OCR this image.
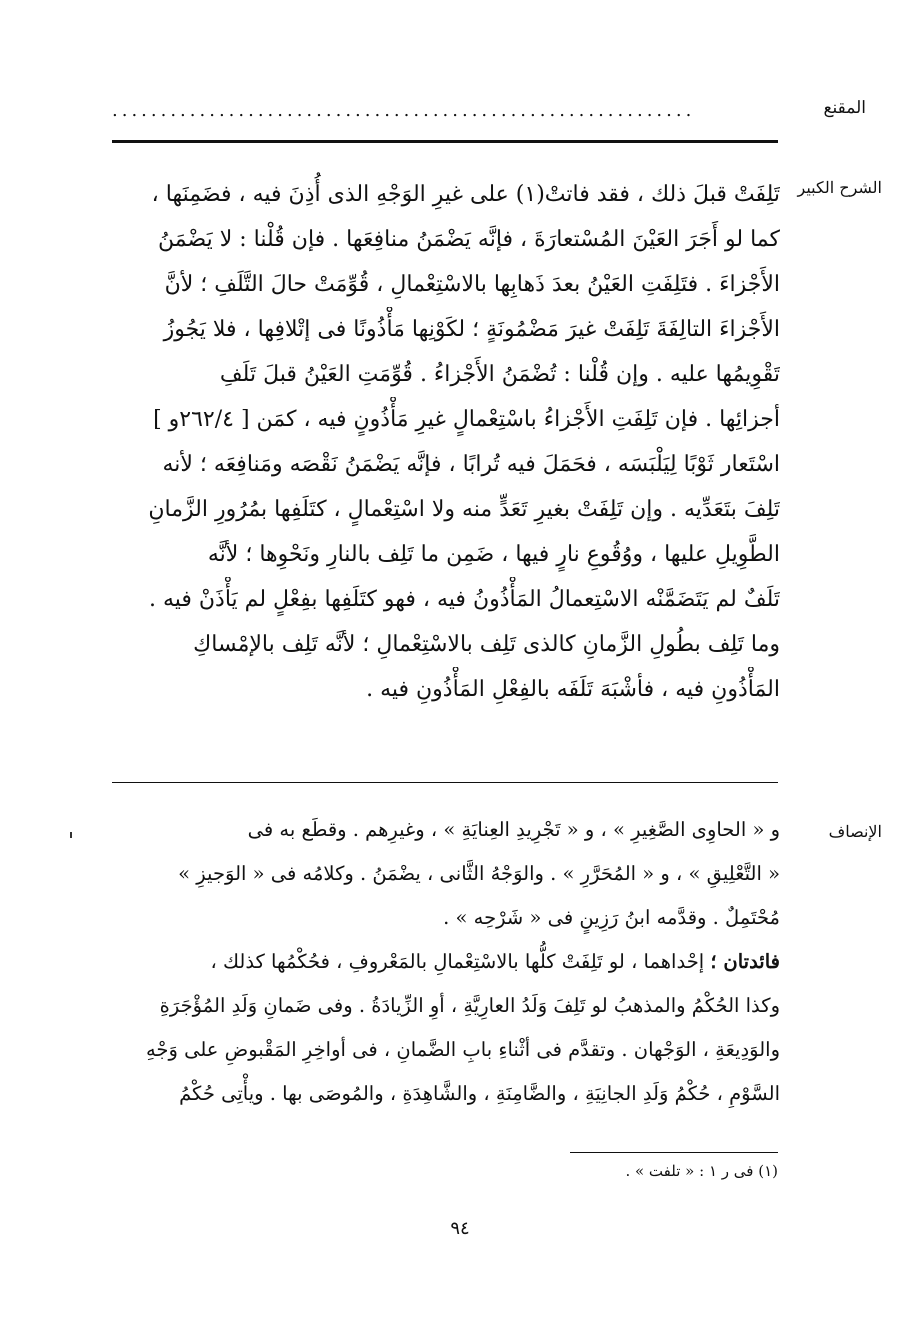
المقنع
............................................................
الشرح الكبير
تَلِفَتْ قبلَ ذلك ، فقد فاتتْ(١) على غيرِ الوَجْهِ الذى أُذِنَ فيه ، فضَمِنَها ،
كما لو أَجَرَ العَيْنَ المُسْتعارَةَ ، فإنَّه يَضْمَنُ منافِعَها . فإن قُلْنا : لا يَضْمَنُ
الأَجْزاءَ . فتَلِفَتِ العَيْنُ بعدَ ذَهابِها بالاسْتِعْمالِ ، قُوِّمَتْ حالَ التَّلَفِ ؛ لأنَّ
الأَجْزاءَ التالِفَةَ تَلِفَتْ غيرَ مَضْمُونَةٍ ؛ لكَوْنِها مَأْذُونًا فى إتْلافِها ، فلا يَجُوزُ
تَقْوِيمُها عليه . وإن قُلْنا : تُضْمَنُ الأَجْزاءُ . قُوِّمَتِ العَيْنُ قبلَ تَلَفِ
أجزائِها . فإن تَلِفَتِ الأَجْزاءُ باسْتِعْمالٍ غيرِ مَأْذُونٍ فيه ، كمَن [ ٢٦٢/٤و ]
اسْتَعار ثَوْبًا لِيَلْبَسَه ، فحَمَلَ فيه تُرابًا ، فإنَّه يَضْمَنُ نَقْصَه ومَنافِعَه ؛ لأنه
تَلِفَ بتَعَدِّيه . وإن تَلِفَتْ بغيرِ تَعَدٍّ منه ولا اسْتِعْمالٍ ، كتَلَفِها بمُرُورِ الزَّمانِ
الطَّوِيلِ عليها ، ووُقُوعِ نارٍ فيها ، ضَمِن ما تَلِف بالنارِ ونَحْوِها ؛ لأنَّه
تَلَفٌ لم يَتَضَمَّنْه الاسْتِعمالُ المَأْذُونُ فيه ، فهو كتَلَفِها بفِعْلٍ لم يَأْذَنْ فيه .
وما تَلِف بطُولِ الزَّمانِ كالذى تَلِف بالاسْتِعْمالِ ؛ لأنَّه تَلِف بالإمْساكِ
المَأْذُونِ فيه ، فأشْبَهَ تَلَفَه بالفِعْلِ المَأْذُونِ فيه .
الإنصاف
و « الحاوِى الصَّغِيرِ » ، و « تَجْرِيدِ العِنايَةِ » ، وغيرِهم . وقطَع به فى
« التَّعْلِيقِ » ، و « المُحَرَّرِ » . والوَجْهُ الثَّانى ، يضْمَنُ . وكلامُه فى « الوَجيزِ »
مُحْتَمِلٌ . وقدَّمه ابنُ رَزِينٍ فى « شَرْحِه » .
فائدتان ؛ إحْداهما ، لو تَلِفَتْ كلُّها بالاسْتِعْمالِ بالمَعْروفِ ، فحُكْمُها كذلك ،
وكذا الحُكْمُ والمذهبُ لو تَلِفَ وَلَدُ العارِيَّةِ ، أوِ الزِّيادَةُ . وفى ضَمانِ وَلَدِ المُؤْجَرَةِ
والوَدِيعَةِ ، الوَجْهان . وتقدَّم فى أثْناءِ بابِ الضَّمانِ ، فى أواخِرِ المَقْبوضِ على وَجْهِ
السَّوْمِ ، حُكْمُ وَلَدِ الجانِيَةِ ، والضَّامِنَةِ ، والشَّاهِدَةِ ، والمُوصَى بها . ويأْتِى حُكْمُ
(١) فى ر ١ : « تلفت » .
٩٤
